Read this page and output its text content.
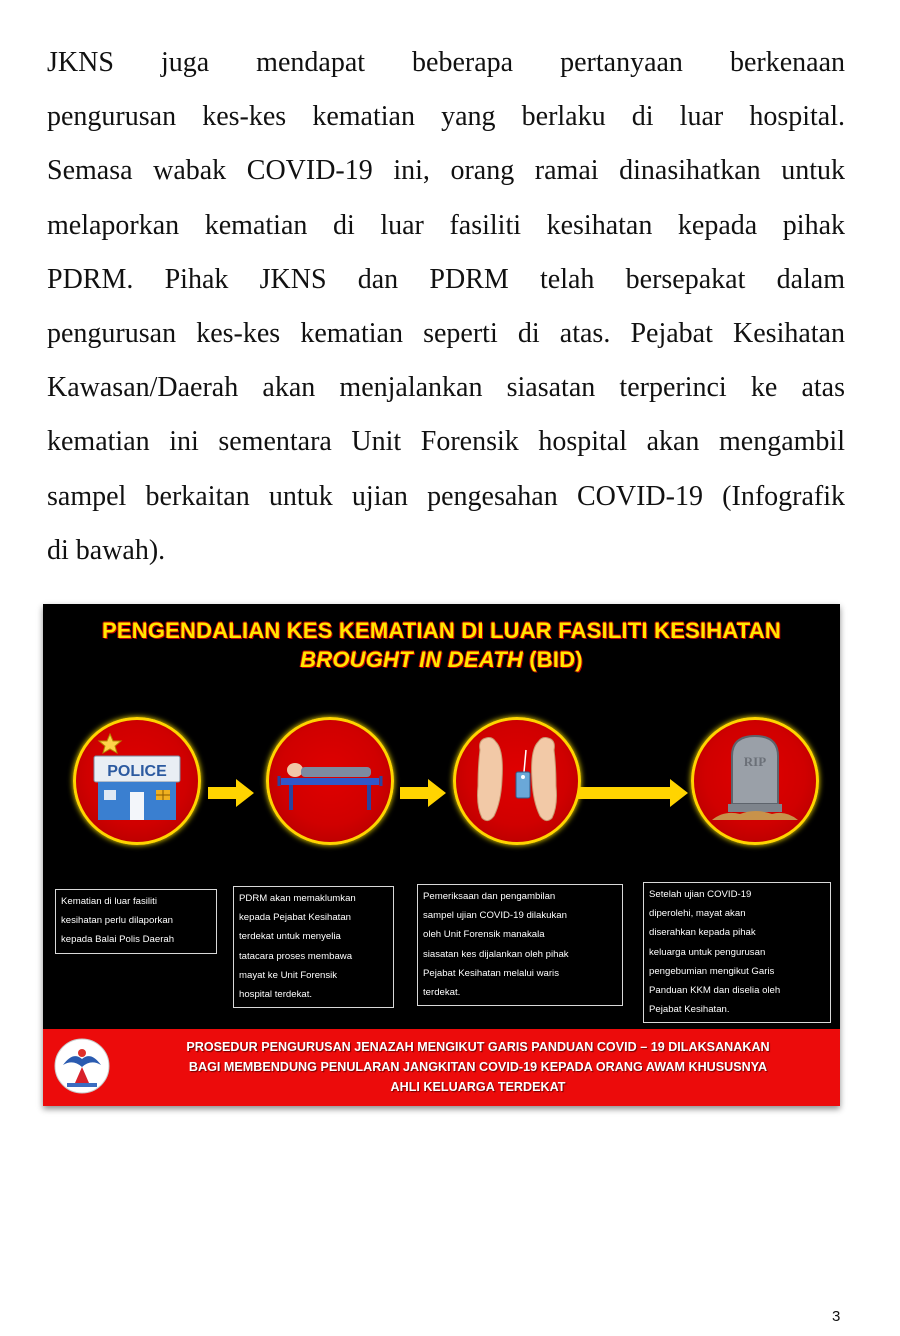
JKNS juga mendapat beberapa pertanyaan berkenaan
pengurusan kes-kes kematian yang berlaku di luar hospital.
Semasa wabak COVID-19 ini, orang ramai dinasihatkan untuk
melaporkan kematian di luar fasiliti kesihatan kepada pihak
PDRM. Pihak JKNS dan PDRM telah bersepakat dalam
pengurusan kes-kes kematian seperti di atas. Pejabat Kesihatan
Kawasan/Daerah akan menjalankan siasatan terperinci ke atas
kematian ini sementara Unit Forensik hospital akan mengambil
sampel berkaitan untuk ujian pengesahan COVID-19 (Infografik
di bawah).
PENGENDALIAN KES KEMATIAN DI LUAR FASILITI KESIHATAN
BROUGHT IN DEATH (BID)
POLICE
RIP
Kematian di luar fasiliti
kesihatan perlu dilaporkan
kepada Balai Polis Daerah
PDRM akan memaklumkan
kepada Pejabat Kesihatan
terdekat untuk menyelia
tatacara proses membawa
mayat ke Unit Forensik
hospital terdekat.
Pemeriksaan dan pengambilan
sampel ujian COVID-19 dilakukan
oleh Unit Forensik manakala
siasatan kes dijalankan oleh pihak
Pejabat Kesihatan melalui waris
terdekat.
Setelah ujian COVID-19
diperolehi, mayat akan
diserahkan kepada pihak
keluarga untuk pengurusan
pengebumian mengikut Garis
Panduan KKM dan diselia oleh
Pejabat Kesihatan.
PROSEDUR PENGURUSAN JENAZAH MENGIKUT GARIS PANDUAN COVID – 19 DILAKSANAKAN
BAGI MEMBENDUNG PENULARAN JANGKITAN COVID-19 KEPADA ORANG AWAM KHUSUSNYA
AHLI KELUARGA TERDEKAT
3
